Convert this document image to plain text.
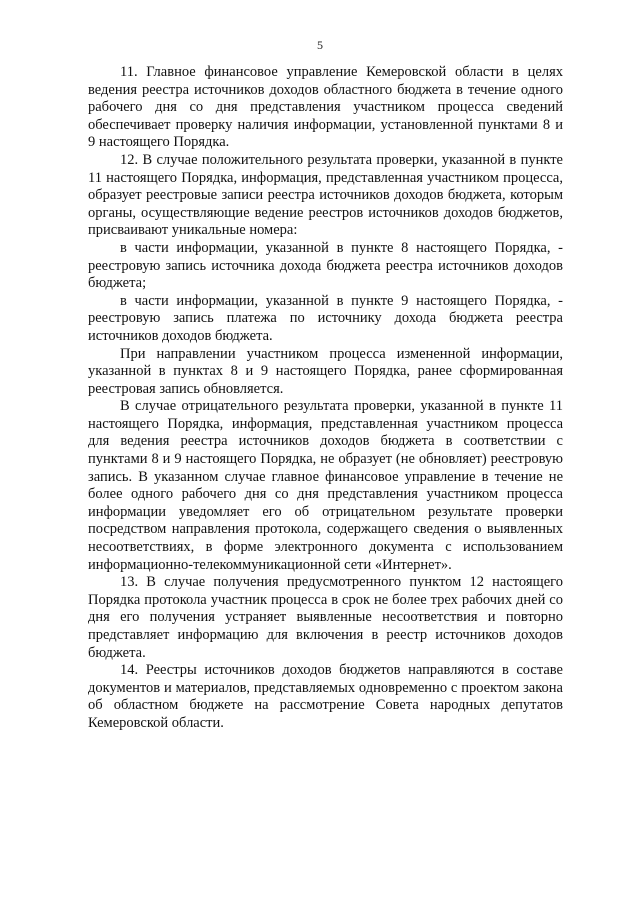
5

11. Главное финансовое управление Кемеровской области в целях ведения реестра источников доходов областного бюджета в течение одного рабочего дня со дня представления участником процесса сведений обеспечивает проверку наличия информации, установленной пунктами 8 и 9 настоящего Порядка.

12. В случае положительного результата проверки, указанной в пункте 11 настоящего Порядка, информация, представленная участником процесса, образует реестровые записи реестра источников доходов бюджета, которым органы, осуществляющие ведение реестров источников доходов бюджетов, присваивают уникальные номера:

в части информации, указанной в пункте 8 настоящего Порядка, - реестровую запись источника дохода бюджета реестра источников доходов бюджета;

в части информации, указанной в пункте 9 настоящего Порядка, - реестровую запись платежа по источнику дохода бюджета реестра источников доходов бюджета.

При направлении участником процесса измененной информации, указанной в пунктах 8 и 9 настоящего Порядка, ранее сформированная реестровая запись обновляется.

В случае отрицательного результата проверки, указанной в пункте 11 настоящего Порядка, информация, представленная участником процесса для ведения реестра источников доходов бюджета в соответствии с пунктами 8 и 9 настоящего Порядка, не образует (не обновляет) реестровую запись. В указанном случае главное финансовое управление в течение не более одного рабочего дня со дня представления участником процесса информации уведомляет его об отрицательном результате проверки посредством направления протокола, содержащего сведения о выявленных несоответствиях, в форме электронного документа с использованием информационно-телекоммуникационной сети «Интернет».

13. В случае получения предусмотренного пунктом 12 настоящего Порядка протокола участник процесса в срок не более трех рабочих дней со дня его получения устраняет выявленные несоответствия и повторно представляет информацию для включения в реестр источников доходов бюджета.

14. Реестры источников доходов бюджетов направляются в составе документов и материалов, представляемых одновременно с проектом закона об областном бюджете на рассмотрение Совета народных депутатов Кемеровской области.
